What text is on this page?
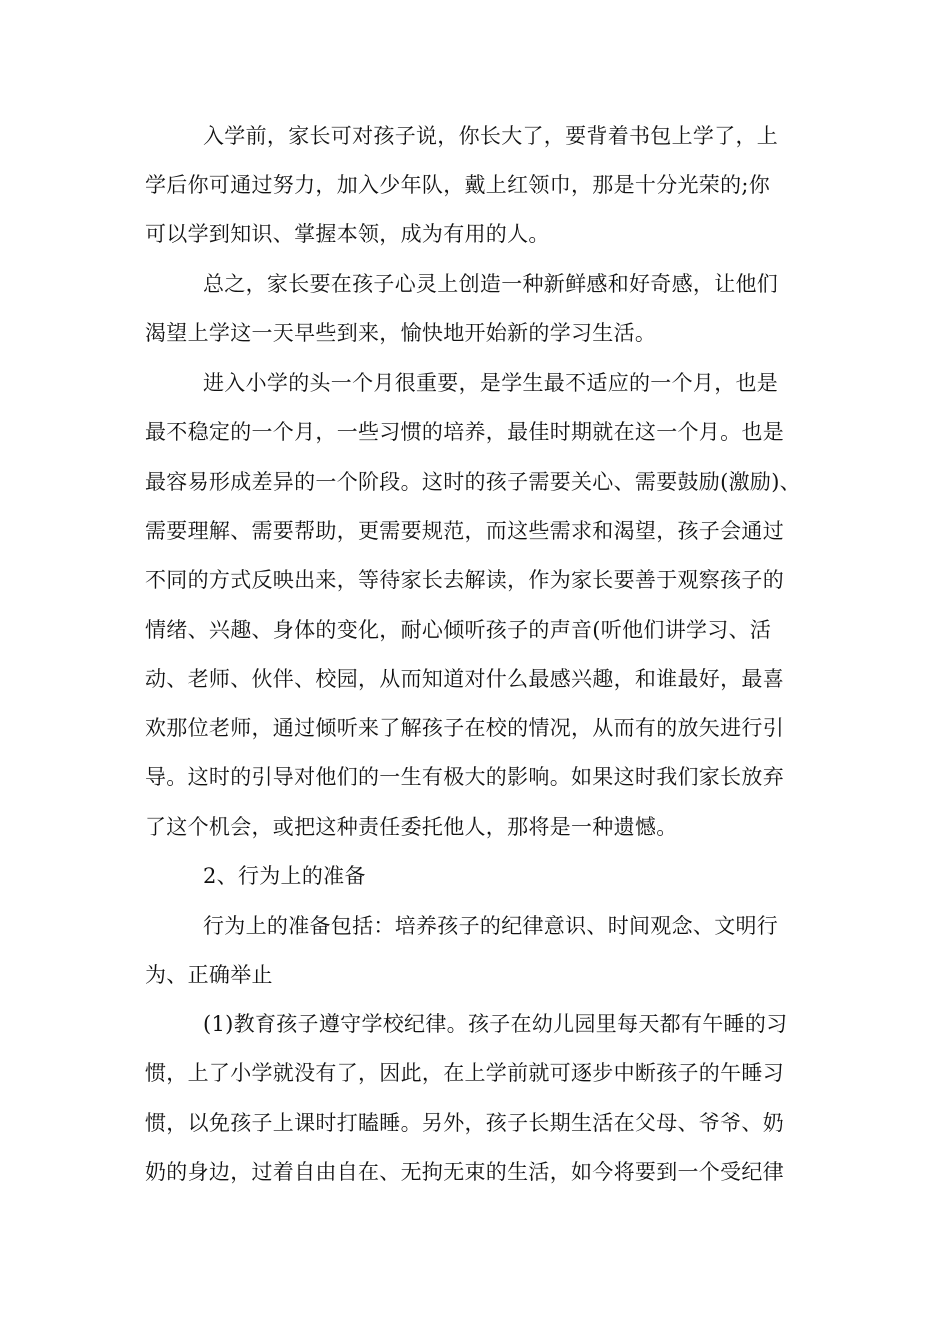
入学前，家长可对孩子说，你长大了，要背着书包上学了，上
学后你可通过努力，加入少年队，戴上红领巾，那是十分光荣的;你
可以学到知识、掌握本领，成为有用的人。
总之，家长要在孩子心灵上创造一种新鲜感和好奇感，让他们
渴望上学这一天早些到来，愉快地开始新的学习生活。
进入小学的头一个月很重要，是学生最不适应的一个月，也是
最不稳定的一个月，一些习惯的培养，最佳时期就在这一个月。也是
最容易形成差异的一个阶段。这时的孩子需要关心、需要鼓励(激励)、
需要理解、需要帮助，更需要规范，而这些需求和渴望，孩子会通过
不同的方式反映出来，等待家长去解读，作为家长要善于观察孩子的
情绪、兴趣、身体的变化，耐心倾听孩子的声音(听他们讲学习、活
动、老师、伙伴、校园，从而知道对什么最感兴趣，和谁最好，最喜
欢那位老师，通过倾听来了解孩子在校的情况，从而有的放矢进行引
导。这时的引导对他们的一生有极大的影响。如果这时我们家长放弃
了这个机会，或把这种责任委托他人，那将是一种遗憾。
2、行为上的准备
行为上的准备包括：培养孩子的纪律意识、时间观念、文明行
为、正确举止
(1)教育孩子遵守学校纪律。孩子在幼儿园里每天都有午睡的习
惯，上了小学就没有了，因此，在上学前就可逐步中断孩子的午睡习
惯，以免孩子上课时打瞌睡。另外，孩子长期生活在父母、爷爷、奶
奶的身边，过着自由自在、无拘无束的生活，如今将要到一个受纪律
